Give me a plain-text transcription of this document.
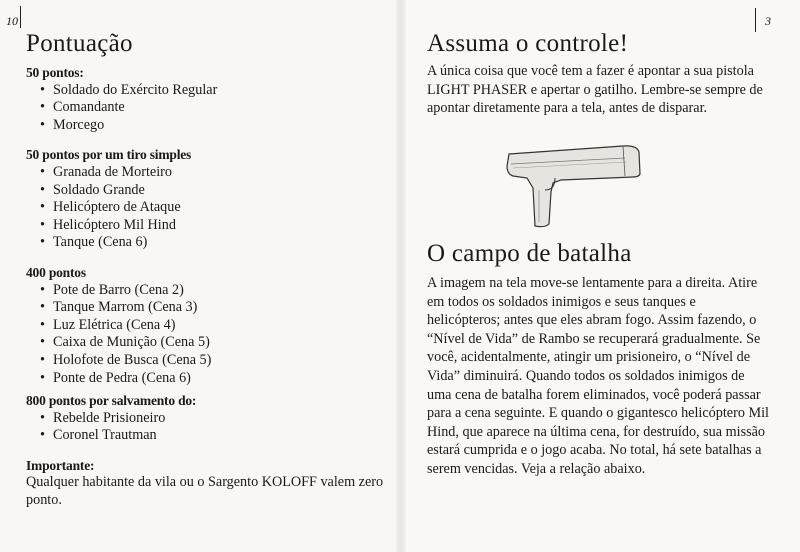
10	3
Pontuação
50 pontos:
• Soldado do Exército Regular
• Comandante
• Morcego
50 pontos por um tiro simples
• Granada de Morteiro
• Soldado Grande
• Helicóptero de Ataque
• Helicóptero Mil Hind
• Tanque (Cena 6)
400 pontos
• Pote de Barro (Cena 2)
• Tanque Marrom (Cena 3)
• Luz Elétrica (Cena 4)
• Caixa de Munição (Cena 5)
• Holofote de Busca (Cena 5)
• Ponte de Pedra (Cena 6)
800 pontos por salvamento do:
• Rebelde Prisioneiro
• Coronel Trautman
Importante:
Qualquer habitante da vila ou o Sargento KOLOFF valem zero ponto.
Assuma o controle!
A única coisa que você tem a fazer é apontar a sua pistola LIGHT PHASER e apertar o gatilho. Lembre-se sempre de apontar diretamente para a tela, antes de disparar.
O campo de batalha
A imagem na tela move-se lentamente para a direita. Atire em todos os soldados inimigos e seus tanques e helicópteros; antes que eles abram fogo. Assim fazendo, o “Nível de Vida” de Rambo se recuperará gradualmente. Se você, acidentalmente, atingir um prisioneiro, o “Nível de Vida” diminuirá. Quando todos os soldados inimigos de uma cena de batalha forem eliminados, você poderá passar para a cena seguinte. E quando o gigantesco helicóptero Mil Hind, que aparece na última cena, for destruído, sua missão estará cumprida e o jogo acaba. No total, há sete batalhas a serem vencidas. Veja a relação abaixo.
